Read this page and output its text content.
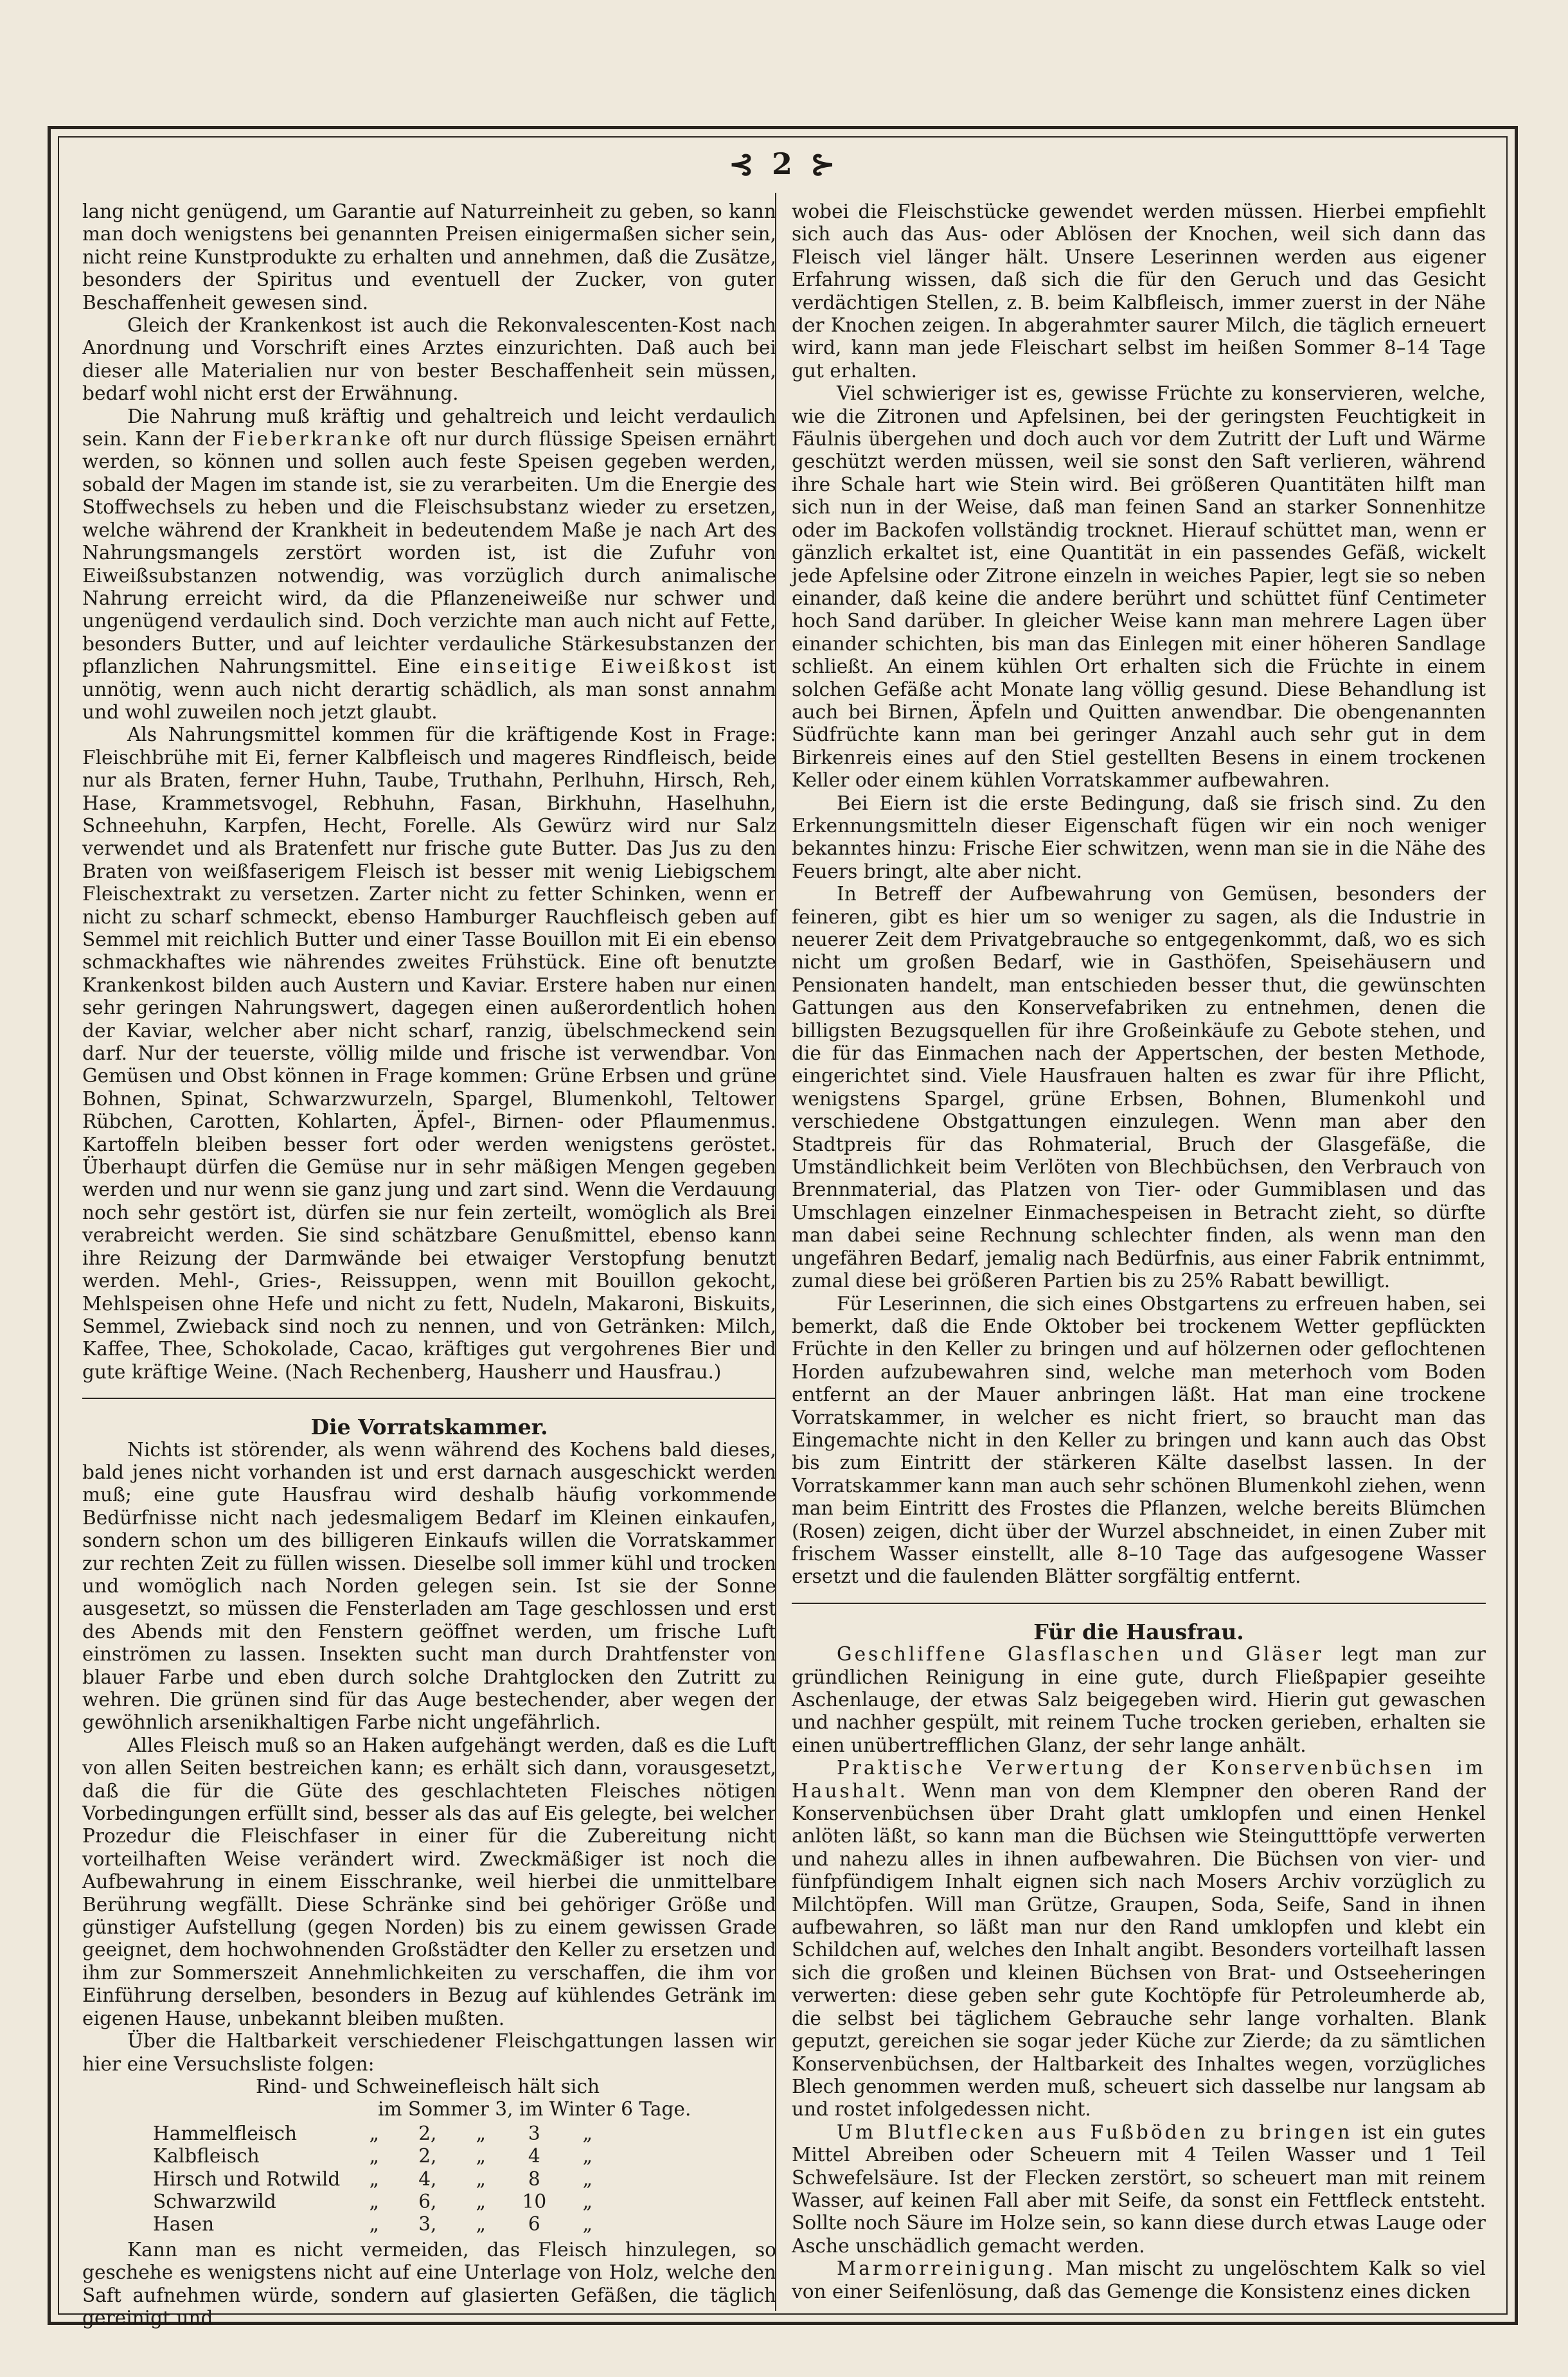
⊰ 2 ⊱

lang nicht genügend, um Garantie auf Naturreinheit zu geben, so kann man doch wenigstens bei genannten Preisen einigermaßen sicher sein, nicht reine Kunstprodukte zu erhalten und annehmen, daß die Zusätze, besonders der Spiritus und eventuell der Zucker, von guter Beschaffenheit gewesen sind.

Gleich der Krankenkost ist auch die Rekonvalescenten-Kost nach Anordnung und Vorschrift eines Arztes einzurichten. Daß auch bei dieser alle Materialien nur von bester Beschaffenheit sein müssen, bedarf wohl nicht erst der Erwähnung.

Die Nahrung muß kräftig und gehaltreich und leicht verdaulich sein. Kann der Fieberkranke oft nur durch flüssige Speisen ernährt werden, so können und sollen auch feste Speisen gegeben werden, sobald der Magen im stande ist, sie zu verarbeiten. Um die Energie des Stoffwechsels zu heben und die Fleischsubstanz wieder zu ersetzen, welche während der Krankheit in bedeutendem Maße je nach Art des Nahrungsmangels zerstört worden ist, ist die Zufuhr von Eiweißsubstanzen notwendig, was vorzüglich durch animalische Nahrung erreicht wird, da die Pflanzeneiweiße nur schwer und ungenügend verdaulich sind. Doch verzichte man auch nicht auf Fette, besonders Butter, und auf leichter verdauliche Stärkesubstanzen der pflanzlichen Nahrungsmittel. Eine einseitige Eiweißkost ist unnötig, wenn auch nicht derartig schädlich, als man sonst annahm und wohl zuweilen noch jetzt glaubt.

Als Nahrungsmittel kommen für die kräftigende Kost in Frage: Fleischbrühe mit Ei, ferner Kalbfleisch und mageres Rindfleisch, beide nur als Braten, ferner Huhn, Taube, Truthahn, Perlhuhn, Hirsch, Reh, Hase, Krammetsvogel, Rebhuhn, Fasan, Birkhuhn, Haselhuhn, Schneehuhn, Karpfen, Hecht, Forelle. Als Gewürz wird nur Salz verwendet und als Bratenfett nur frische gute Butter. Das Jus zu den Braten von weißfaserigem Fleisch ist besser mit wenig Liebigschem Fleischextrakt zu versetzen. Zarter nicht zu fetter Schinken, wenn er nicht zu scharf schmeckt, ebenso Hamburger Rauchfleisch geben auf Semmel mit reichlich Butter und einer Tasse Bouillon mit Ei ein ebenso schmackhaftes wie nährendes zweites Frühstück. Eine oft benutzte Krankenkost bilden auch Austern und Kaviar. Erstere haben nur einen sehr geringen Nahrungswert, dagegen einen außerordentlich hohen der Kaviar, welcher aber nicht scharf, ranzig, übelschmeckend sein darf. Nur der teuerste, völlig milde und frische ist verwendbar. Von Gemüsen und Obst können in Frage kommen: Grüne Erbsen und grüne Bohnen, Spinat, Schwarzwurzeln, Spargel, Blumenkohl, Teltower Rübchen, Carotten, Kohlarten, Äpfel-, Birnen- oder Pflaumenmus. Kartoffeln bleiben besser fort oder werden wenigstens geröstet. Überhaupt dürfen die Gemüse nur in sehr mäßigen Mengen gegeben werden und nur wenn sie ganz jung und zart sind. Wenn die Verdauung noch sehr gestört ist, dürfen sie nur fein zerteilt, womöglich als Brei verabreicht werden. Sie sind schätzbare Genußmittel, ebenso kann ihre Reizung der Darmwände bei etwaiger Verstopfung benutzt werden. Mehl-, Gries-, Reissuppen, wenn mit Bouillon gekocht, Mehlspeisen ohne Hefe und nicht zu fett, Nudeln, Makaroni, Biskuits, Semmel, Zwieback sind noch zu nennen, und von Getränken: Milch, Kaffee, Thee, Schokolade, Cacao, kräftiges gut vergohrenes Bier und gute kräftige Weine. (Nach Rechenberg, Hausherr und Hausfrau.)

Die Vorratskammer.

Nichts ist störender, als wenn während des Kochens bald dieses, bald jenes nicht vorhanden ist und erst darnach ausgeschickt werden muß; eine gute Hausfrau wird deshalb häufig vorkommende Bedürfnisse nicht nach jedesmaligem Bedarf im Kleinen einkaufen, sondern schon um des billigeren Einkaufs willen die Vorratskammer zur rechten Zeit zu füllen wissen. Dieselbe soll immer kühl und trocken und womöglich nach Norden gelegen sein. Ist sie der Sonne ausgesetzt, so müssen die Fensterladen am Tage geschlossen und erst des Abends mit den Fenstern geöffnet werden, um frische Luft einströmen zu lassen. Insekten sucht man durch Drahtfenster von blauer Farbe und eben durch solche Drahtglocken den Zutritt zu wehren. Die grünen sind für das Auge bestechender, aber wegen der gewöhnlich arsenikhaltigen Farbe nicht ungefährlich.

Alles Fleisch muß so an Haken aufgehängt werden, daß es die Luft von allen Seiten bestreichen kann; es erhält sich dann, vorausgesetzt, daß die für die Güte des geschlachteten Fleisches nötigen Vorbedingungen erfüllt sind, besser als das auf Eis gelegte, bei welcher Prozedur die Fleischfaser in einer für die Zubereitung nicht vorteilhaften Weise verändert wird. Zweckmäßiger ist noch die Aufbewahrung in einem Eisschranke, weil hierbei die unmittelbare Berührung wegfällt. Diese Schränke sind bei gehöriger Größe und günstiger Aufstellung (gegen Norden) bis zu einem gewissen Grade geeignet, dem hochwohnenden Großstädter den Keller zu ersetzen und ihm zur Sommerszeit Annehmlichkeiten zu verschaffen, die ihm vor Einführung derselben, besonders in Bezug auf kühlendes Getränk im eigenen Hause, unbekannt bleiben mußten.

Über die Haltbarkeit verschiedener Fleischgattungen lassen wir hier eine Versuchsliste folgen:

Rind- und Schweinefleisch hält sich

im Sommer 3, im Winter 6 Tage.

Hammelfleisch	„	2,	„	3	„
Kalbfleisch	„	2,	„	4	„
Hirsch und Rotwild	„	4,	„	8	„
Schwarzwild	„	6,	„	10	„
Hasen	„	3,	„	6	„

Kann man es nicht vermeiden, das Fleisch hinzulegen, so geschehe es wenigstens nicht auf eine Unterlage von Holz, welche den Saft aufnehmen würde, sondern auf glasierten Gefäßen, die täglich gereinigt und

wobei die Fleischstücke gewendet werden müssen. Hierbei empfiehlt sich auch das Aus- oder Ablösen der Knochen, weil sich dann das Fleisch viel länger hält. Unsere Leserinnen werden aus eigener Erfahrung wissen, daß sich die für den Geruch und das Gesicht verdächtigen Stellen, z. B. beim Kalbfleisch, immer zuerst in der Nähe der Knochen zeigen. In abgerahmter saurer Milch, die täglich erneuert wird, kann man jede Fleischart selbst im heißen Sommer 8–14 Tage gut erhalten.

Viel schwieriger ist es, gewisse Früchte zu konservieren, welche, wie die Zitronen und Apfelsinen, bei der geringsten Feuchtigkeit in Fäulnis übergehen und doch auch vor dem Zutritt der Luft und Wärme geschützt werden müssen, weil sie sonst den Saft verlieren, während ihre Schale hart wie Stein wird. Bei größeren Quantitäten hilft man sich nun in der Weise, daß man feinen Sand an starker Sonnenhitze oder im Backofen vollständig trocknet. Hierauf schüttet man, wenn er gänzlich erkaltet ist, eine Quantität in ein passendes Gefäß, wickelt jede Apfelsine oder Zitrone einzeln in weiches Papier, legt sie so neben einander, daß keine die andere berührt und schüttet fünf Centimeter hoch Sand darüber. In gleicher Weise kann man mehrere Lagen über einander schichten, bis man das Einlegen mit einer höheren Sandlage schließt. An einem kühlen Ort erhalten sich die Früchte in einem solchen Gefäße acht Monate lang völlig gesund. Diese Behandlung ist auch bei Birnen, Äpfeln und Quitten anwendbar. Die obengenannten Südfrüchte kann man bei geringer Anzahl auch sehr gut in dem Birkenreis eines auf den Stiel gestellten Besens in einem trockenen Keller oder einem kühlen Vorratskammer aufbewahren.

Bei Eiern ist die erste Bedingung, daß sie frisch sind. Zu den Erkennungsmitteln dieser Eigenschaft fügen wir ein noch weniger bekanntes hinzu: Frische Eier schwitzen, wenn man sie in die Nähe des Feuers bringt, alte aber nicht.

In Betreff der Aufbewahrung von Gemüsen, besonders der feineren, gibt es hier um so weniger zu sagen, als die Industrie in neuerer Zeit dem Privatgebrauche so entgegenkommt, daß, wo es sich nicht um großen Bedarf, wie in Gasthöfen, Speisehäusern und Pensionaten handelt, man entschieden besser thut, die gewünschten Gattungen aus den Konservefabriken zu entnehmen, denen die billigsten Bezugsquellen für ihre Großeinkäufe zu Gebote stehen, und die für das Einmachen nach der Appertschen, der besten Methode, eingerichtet sind. Viele Hausfrauen halten es zwar für ihre Pflicht, wenigstens Spargel, grüne Erbsen, Bohnen, Blumenkohl und verschiedene Obstgattungen einzulegen. Wenn man aber den Stadtpreis für das Rohmaterial, Bruch der Glasgefäße, die Umständlichkeit beim Verlöten von Blechbüchsen, den Verbrauch von Brennmaterial, das Platzen von Tier- oder Gummiblasen und das Umschlagen einzelner Einmachespeisen in Betracht zieht, so dürfte man dabei seine Rechnung schlechter finden, als wenn man den ungefähren Bedarf, jemalig nach Bedürfnis, aus einer Fabrik entnimmt, zumal diese bei größeren Partien bis zu 25% Rabatt bewilligt.

Für Leserinnen, die sich eines Obstgartens zu erfreuen haben, sei bemerkt, daß die Ende Oktober bei trockenem Wetter gepflückten Früchte in den Keller zu bringen und auf hölzernen oder geflochtenen Horden aufzubewahren sind, welche man meterhoch vom Boden entfernt an der Mauer anbringen läßt. Hat man eine trockene Vorratskammer, in welcher es nicht friert, so braucht man das Eingemachte nicht in den Keller zu bringen und kann auch das Obst bis zum Eintritt der stärkeren Kälte daselbst lassen. In der Vorratskammer kann man auch sehr schönen Blumenkohl ziehen, wenn man beim Eintritt des Frostes die Pflanzen, welche bereits Blümchen (Rosen) zeigen, dicht über der Wurzel abschneidet, in einen Zuber mit frischem Wasser einstellt, alle 8–10 Tage das aufgesogene Wasser ersetzt und die faulenden Blätter sorgfältig entfernt.

Für die Hausfrau.

Geschliffene Glasflaschen und Gläser legt man zur gründlichen Reinigung in eine gute, durch Fließpapier geseihte Aschenlauge, der etwas Salz beigegeben wird. Hierin gut gewaschen und nachher gespült, mit reinem Tuche trocken gerieben, erhalten sie einen unübertrefflichen Glanz, der sehr lange anhält.

Praktische Verwertung der Konservenbüchsen im Haushalt. Wenn man von dem Klempner den oberen Rand der Konservenbüchsen über Draht glatt umklopfen und einen Henkel anlöten läßt, so kann man die Büchsen wie Steingutttöpfe verwerten und nahezu alles in ihnen aufbewahren. Die Büchsen von vier- und fünfpfündigem Inhalt eignen sich nach Mosers Archiv vorzüglich zu Milchtöpfen. Will man Grütze, Graupen, Soda, Seife, Sand in ihnen aufbewahren, so läßt man nur den Rand umklopfen und klebt ein Schildchen auf, welches den Inhalt angibt. Besonders vorteilhaft lassen sich die großen und kleinen Büchsen von Brat- und Ostseeheringen verwerten: diese geben sehr gute Kochtöpfe für Petroleumherde ab, die selbst bei täglichem Gebrauche sehr lange vorhalten. Blank geputzt, gereichen sie sogar jeder Küche zur Zierde; da zu sämtlichen Konservenbüchsen, der Haltbarkeit des Inhaltes wegen, vorzügliches Blech genommen werden muß, scheuert sich dasselbe nur langsam ab und rostet infolgedessen nicht.

Um Blutflecken aus Fußböden zu bringen ist ein gutes Mittel Abreiben oder Scheuern mit 4 Teilen Wasser und 1 Teil Schwefelsäure. Ist der Flecken zerstört, so scheuert man mit reinem Wasser, auf keinen Fall aber mit Seife, da sonst ein Fettfleck entsteht. Sollte noch Säure im Holze sein, so kann diese durch etwas Lauge oder Asche unschädlich gemacht werden.

Marmorreinigung. Man mischt zu ungelöschtem Kalk so viel von einer Seifenlösung, daß das Gemenge die Konsistenz eines dicken
